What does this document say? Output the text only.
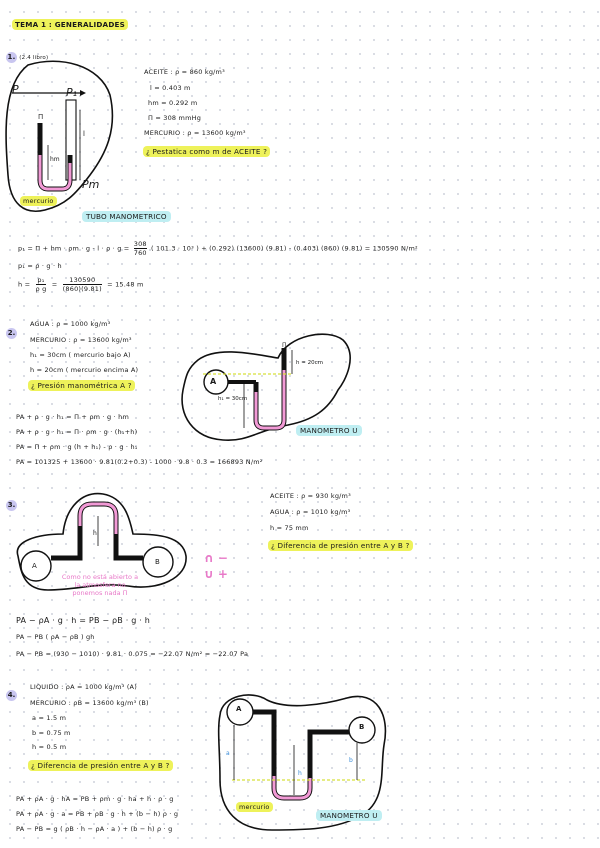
TEMA 1 : GENERALIDADES
1. (2.4 libro)
P	P₁
Π
l
hm
Pm
mercurio
ACEITE : ρ = 860 kg/m³
l = 0.403 m
hm = 0.292 m
Π = 308 mmHg
MERCURIO : ρ = 13600 kg/m³
¿ Pestatica como m de ACEITE ?
TUBO MANOMETRICO
p₁ = Π + hm · $\rho m \cdot g - l \cdot \rho \cdot g = \frac{308}{760}$ ( 101.3 · 10³ ) + (0.292) (13600) (9.81) - (0.403) (860) (9.81) = 130590 N/m²
p₁ = ρ · g · h
$h = \frac{\text{p₁}}{\text{ρ g}} = \frac{130590}{(860)(9.81)} = 15.48$ m
2.
AGUA : ρ = 1000 kg/m³
MERCURIO : ρ = 13600 kg/m³
h₁ = 30cm ( mercurio bajo A)
h = 20cm ( mercurio encima A)
¿ Presión manométrica A ?	A
Π
h = 20cm
h₁ = 30cm
MANOMETRO U
PA + ρ · g · h₁ = Π + ρm · g · hm
PA + ρ · g · h₁ = Π · ρm · g · (h₁+h)
PA = Π + ρm · g (h + h₁) - ρ · g · h₁
PA = 101325 + 13600 · 9.81(0.2+0.3) - 1000 · 9.8 · 0.3 = 166893 N/m²
3.
A	B
h
Como no está abierto a la atmosfera no ponemos nada Π
∩ −
∪ +
ACEITE : ρ = 930 kg/m³
AGUA : ρ = 1010 kg/m³
h = 75 mm
¿ Diferencia de presión entre A y B ?
PA − ρA · g · h = PB − ρB · g · h
PA − PB ( ρA − ρB ) gh
PA − PB = (930 − 1010) · 9.81 · 0.075 = −22.07 N/m² = −22.07 Pa
4.
LIQUIDO : ρA = 1000 kg/m³ (A)
MERCURIO : ρB = 13600 kg/m³ (B)
a = 1.5 m
b = 0.75 m
h = 0.5 m
¿ Diferencia de presión entre A y B ?
A
B
a
b
h
mercurio
MANOMETRO U
PA + ρA · g · hA = PB + ρm · g · ha + h · ρ · g
PA + ρA · g · a = PB + ρB · g · h + (b − h) ρ · g
PA − PB = g ( ρB · h − ρA · a ) + (b − h) ρ · g
